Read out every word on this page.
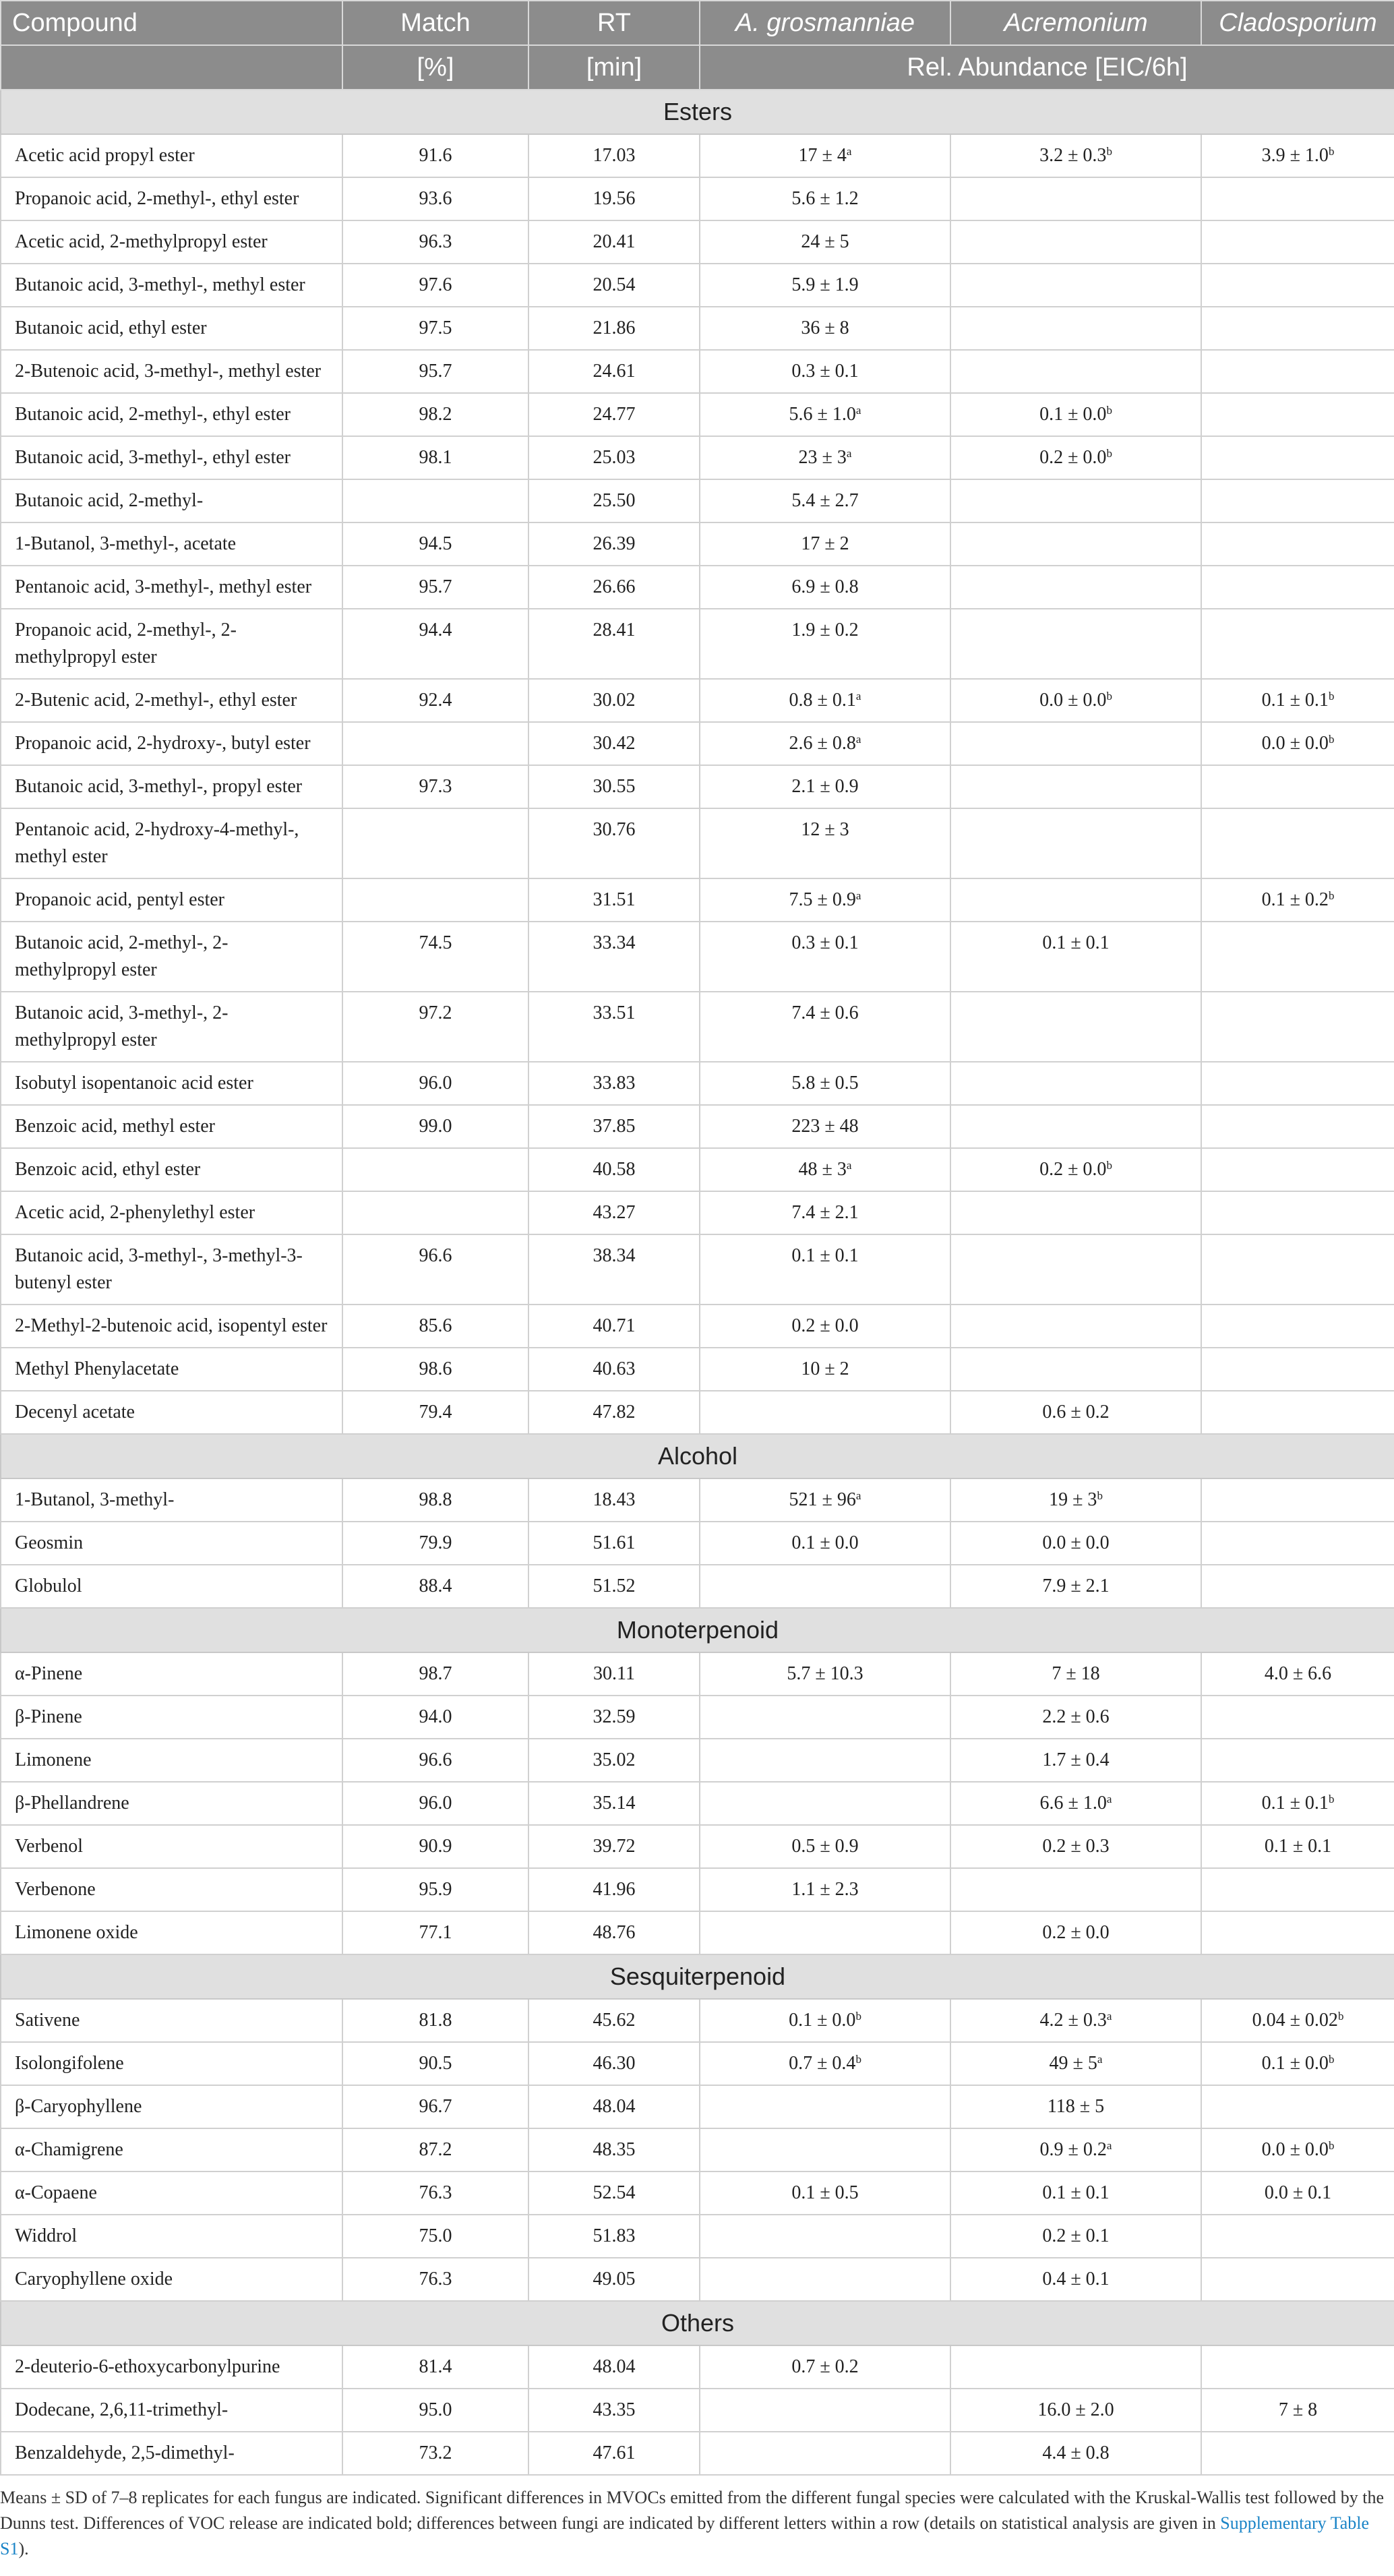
Compound	Match	RT	A. grosmanniae	Acremonium	Cladosporium
	[%]	[min]	Rel. Abundance [EIC/6h]		
Esters					
Acetic acid propyl ester	91.6	17.03	$17 \pm 4^a$	3.2 ± 0.3$^b$	3.9 ± 1.0$^b$
Propanoic acid, 2-methyl-, ethyl ester	93.6	19.56	5.6 ± 1.2		
Acetic acid, 2-methylpropyl ester	96.3	20.41	24 ± 5		
Butanoic acid, 3-methyl-, methyl ester	97.6	20.54	5.9 ± 1.9		
Butanoic acid, ethyl ester	97.5	21.86	36 ± 8		
2-Butenoic acid, 3-methyl-, methyl ester	95.7	24.61	0.3 ± 0.1		
Butanoic acid, 2-methyl-, ethyl ester	98.2	24.77	5.6 ± 1.0$^a$	0.1 ± 0.0$^b$	
Butanoic acid, 3-methyl-, ethyl ester	98.1	25.03	$23 \pm 3^a$	0.2 ± 0.0$^b$	
Butanoic acid, 2-methyl-		25.50	5.4 ± 2.7		
1-Butanol, 3-methyl-, acetate	94.5	26.39	17 ± 2		
Pentanoic acid, 3-methyl-, methyl ester	95.7	26.66	6.9 ± 0.8		
Propanoic acid, 2-methyl-, 2-methylpropyl ester	94.4	28.41	1.9 ± 0.2		
2-Butenic acid, 2-methyl-, ethyl ester	92.4	30.02	0.8 ± 0.1$^a$	0.0 ± 0.0$^b$	0.1 ± 0.1$^b$
Propanoic acid, 2-hydroxy-, butyl ester		30.42	2.6 ± 0.8$^a$		0.0 ± 0.0$^b$
Butanoic acid, 3-methyl-, propyl ester	97.3	30.55	2.1 ± 0.9		
Pentanoic acid, 2-hydroxy-4-methyl-, methyl ester		30.76	12 ± 3		
Propanoic acid, pentyl ester		31.51	7.5 ± 0.9$^a$		0.1 ± 0.2$^b$
Butanoic acid, 2-methyl-, 2-methylpropyl ester	74.5	33.34	0.3 ± 0.1	0.1 ± 0.1	
Butanoic acid, 3-methyl-, 2-methylpropyl ester	97.2	33.51	7.4 ± 0.6		
Isobutyl isopentanoic acid ester	96.0	33.83	5.8 ± 0.5		
Benzoic acid, methyl ester	99.0	37.85	223 ± 48		
Benzoic acid, ethyl ester		40.58	$48 \pm 3^a$	0.2 ± 0.0$^b$	
Acetic acid, 2-phenylethyl ester		43.27	7.4 ± 2.1		
Butanoic acid, 3-methyl-, 3-methyl-3-butenyl ester	96.6	38.34	0.1 ± 0.1		
2-Methyl-2-butenoic acid, isopentyl ester	85.6	40.71	0.2 ± 0.0		
Methyl Phenylacetate	98.6	40.63	10 ± 2		
Decenyl acetate	79.4	47.82		0.6 ± 0.2	
Alcohol					
1-Butanol, 3-methyl-	98.8	18.43	$521 \pm 96^a$	$19 \pm 3^b$	
Geosmin	79.9	51.61	0.1 ± 0.0	0.0 ± 0.0	
Globulol	88.4	51.52		7.9 ± 2.1	
Monoterpenoid					
α-Pinene	98.7	30.11	5.7 ± 10.3	7 ± 18	4.0 ± 6.6
β-Pinene	94.0	32.59		2.2 ± 0.6	
Limonene	96.6	35.02		1.7 ± 0.4	
β-Phellandrene	96.0	35.14		6.6 ± 1.0$^a$	0.1 ± 0.1$^b$
Verbenol	90.9	39.72	0.5 ± 0.9	0.2 ± 0.3	0.1 ± 0.1
Verbenone	95.9	41.96	1.1 ± 2.3		
Limonene oxide	77.1	48.76		0.2 ± 0.0	
Sesquiterpenoid					
Sativene	81.8	45.62	0.1 ± 0.0$^b$	4.2 ± 0.3$^a$	0.04 ± 0.02$^b$
Isolongifolene	90.5	46.30	0.7 ± 0.4$^b$	$49 \pm 5^a$	0.1 ± 0.0$^b$
β-Caryophyllene	96.7	48.04		118 ± 5	
α-Chamigrene	87.2	48.35		0.9 ± 0.2$^a$	0.0 ± 0.0$^b$
α-Copaene	76.3	52.54	0.1 ± 0.5	0.1 ± 0.1	0.0 ± 0.1
Widdrol	75.0	51.83		0.2 ± 0.1	
Caryophyllene oxide	76.3	49.05		0.4 ± 0.1	
Others					
2-deuterio-6-ethoxycarbonylpurine	81.4	48.04	0.7 ± 0.2		
Dodecane, 2,6,11-trimethyl-	95.0	43.35		16.0 ± 2.0	7 ± 8
Benzaldehyde, 2,5-dimethyl-	73.2	47.61		4.4 ± 0.8	
Means ± SD of 7–8 replicates for each fungus are indicated. Significant differences in MVOCs emitted from the different fungal species were calculated with the Kruskal-Wallis test followed by the Dunns test. Differences of VOC release are indicated bold; differences between fungi are indicated by different letters within a row (details on statistical analysis are given in Supplementary Table S1).
